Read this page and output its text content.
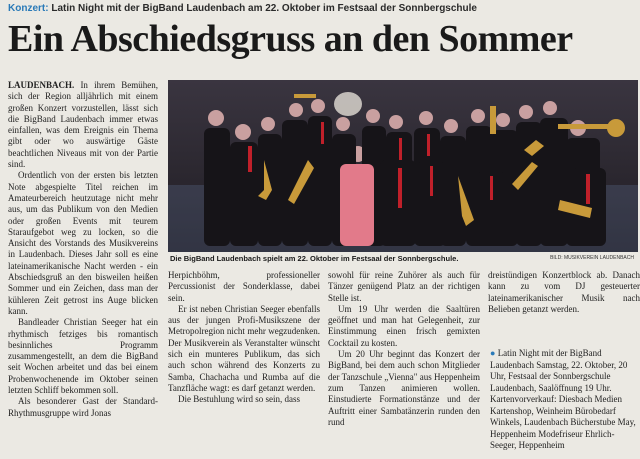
Konzert: Latin Night mit der BigBand Laudenbach am 22. Oktober im Festsaal der Sonnbergschule
Ein Abschiedsgruss an den Sommer

LAUDENBACH. In ihrem Bemühen, sich der Region alljährlich mit einem großen Konzert vorzustellen, lässt sich die BigBand Laudenbach immer etwas einfallen, was dem Ereignis ein Thema gibt oder wo auswärtige Gäste beachtlichen Niveaus mit von der Partie sind.

Ordentlich von der ersten bis letzten Note abgespielte Titel reichen im Amateurbereich heutzutage nicht mehr aus, um das Publikum von den Medien oder großen Events mit teurem Staraufgebot weg zu locken, so die Ansicht des Vorstands des Musikvereins in Laudenbach. Dieses Jahr soll es eine lateinamerikanische Nacht werden - ein Abschiedsgruß an den bisweilen heißen Sommer und ein Zeichen, dass man der kühleren Zeit getrost ins Auge blicken kann.

Bandleader Christian Seeger hat ein rhythmisch fetziges bis romantisch besinnliches Programm zusammengestellt, an dem die BigBand seit Wochen arbeitet und das bei einem Probenwochenende im Oktober seinen letzten Schliff bekommen soll.

Als besonderer Gast der Standard-Rhythmusgruppe wird Jonas

Die BigBand Laudenbach spielt am 22. Oktober im Festsaal der Sonnbergschule.	BILD: MUSIKVEREIN LAUDENBACH

Herpichböhm, professioneller Percussionist der Sonderklasse, dabei sein.

Er ist neben Christian Seeger ebenfalls aus der jungen Profi-Musikszene der Metropolregion nicht mehr wegzudenken. Der Musikverein als Veranstalter wünscht sich ein munteres Publikum, das sich auch schon während des Konzerts zu Samba, Chachacha und Rumba auf die Tanzfläche wagt: es darf getanzt werden.

Die Bestuhlung wird so sein, dass

sowohl für reine Zuhörer als auch für Tänzer genügend Platz an der richtigen Stelle ist.

Um 19 Uhr werden die Saaltüren geöffnet und man hat Gelegenheit, zur Einstimmung einen frisch gemixten Cocktail zu kosten.

Um 20 Uhr beginnt das Konzert der BigBand, bei dem auch schon Mitglieder der Tanzschule „Vienna" aus Heppenheim zum Tanzen animieren wollen. Einstudierte Formationstänze und der Auftritt einer Sambatänzerin runden den rund

dreistündigen Konzertblock ab. Danach kann zu vom DJ gesteuerter lateinamerikanischer Musik nach Belieben getanzt werden.

● Latin Night mit der BigBand Laudenbach Samstag, 22. Oktober, 20 Uhr, Festsaal der Sonnbergschule Laudenbach, Saalöffnung 19 Uhr. Kartenvorverkauf: Diesbach Medien Kartenshop, Weinheim Bürobedarf Winkels, Laudenbach Bücherstube May, Heppenheim Modefriseur Ehrlich-Seeger, Heppenheim
